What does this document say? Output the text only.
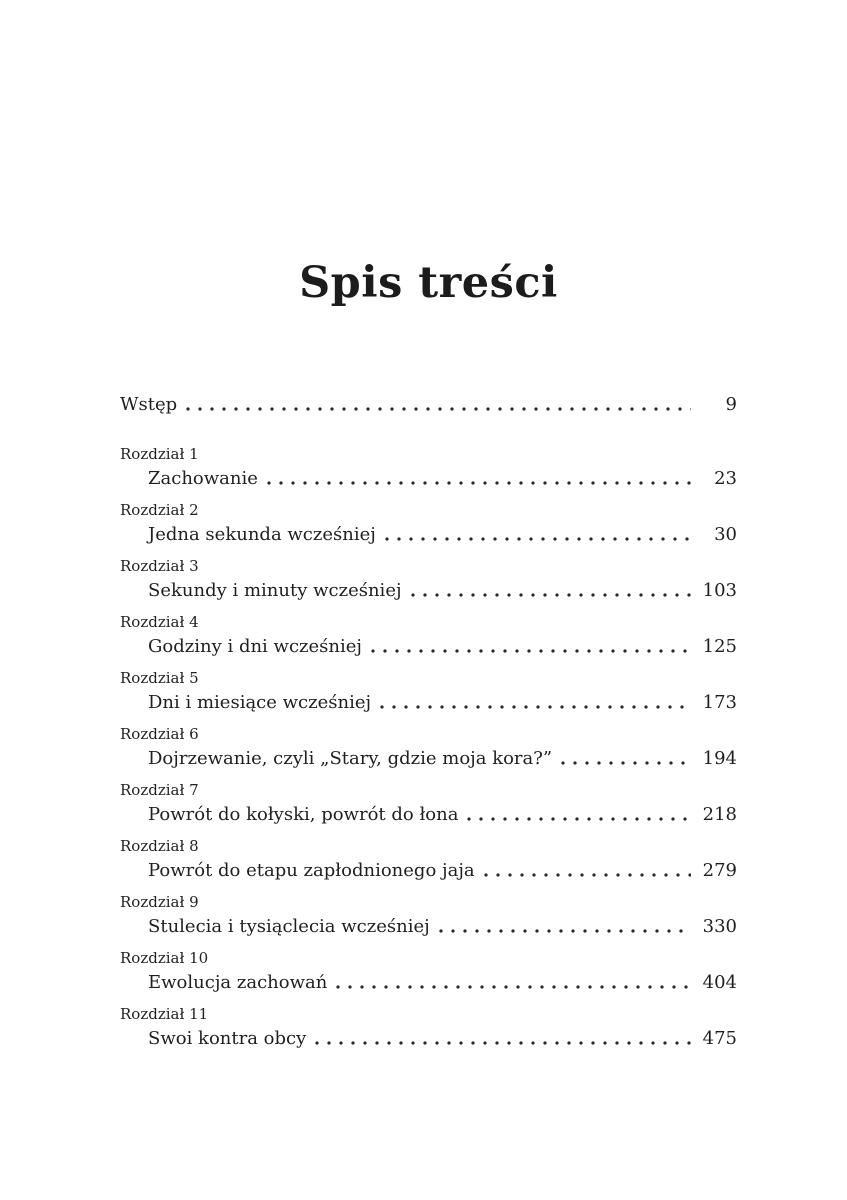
Spis treści
Wstęp	9
Rozdział 1
Zachowanie	23
Rozdział 2
Jedna sekunda wcześniej	30
Rozdział 3
Sekundy i minuty wcześniej	103
Rozdział 4
Godziny i dni wcześniej	125
Rozdział 5
Dni i miesiące wcześniej	173
Rozdział 6
Dojrzewanie, czyli „Stary, gdzie moja kora?”	194
Rozdział 7
Powrót do kołyski, powrót do łona	218
Rozdział 8
Powrót do etapu zapłodnionego jaja	279
Rozdział 9
Stulecia i tysiąclecia wcześniej	330
Rozdział 10
Ewolucja zachowań	404
Rozdział 11
Swoi kontra obcy	475
